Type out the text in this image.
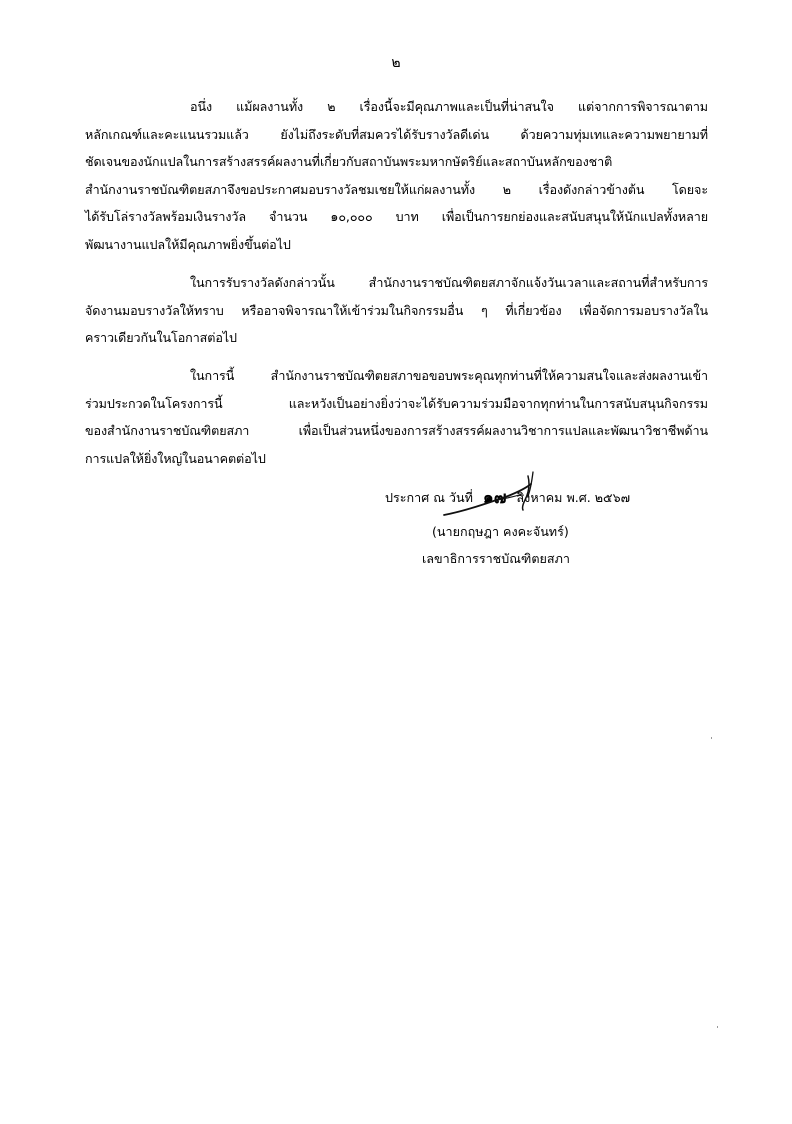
๒
อนึ่ง แม้ผลงานทั้ง ๒ เรื่องนี้จะมีคุณภาพและเป็นที่น่าสนใจ แต่จากการพิจารณาตาม
หลักเกณฑ์และคะแนนรวมแล้ว ยังไม่ถึงระดับที่สมควรได้รับรางวัลดีเด่น ด้วยความทุ่มเทและความพยายามที่
ชัดเจนของนักแปลในการสร้างสรรค์ผลงานที่เกี่ยวกับสถาบันพระมหากษัตริย์และสถาบันหลักของชาติ
สำนักงานราชบัณฑิตยสภาจึงขอประกาศมอบรางวัลชมเชยให้แก่ผลงานทั้ง ๒ เรื่องดังกล่าวข้างต้น โดยจะ
ได้รับโล่รางวัลพร้อมเงินรางวัล จำนวน ๑๐,๐๐๐ บาท เพื่อเป็นการยกย่องและสนับสนุนให้นักแปลทั้งหลาย
พัฒนางานแปลให้มีคุณภาพยิ่งขึ้นต่อไป
ในการรับรางวัลดังกล่าวนั้น สำนักงานราชบัณฑิตยสภาจักแจ้งวันเวลาและสถานที่สำหรับการ
จัดงานมอบรางวัลให้ทราบ หรืออาจพิจารณาให้เข้าร่วมในกิจกรรมอื่น ๆ ที่เกี่ยวข้อง เพื่อจัดการมอบรางวัลใน
คราวเดียวกันในโอกาสต่อไป
ในการนี้ สำนักงานราชบัณฑิตยสภาขอขอบพระคุณทุกท่านที่ให้ความสนใจและส่งผลงานเข้า
ร่วมประกวดในโครงการนี้ และหวังเป็นอย่างยิ่งว่าจะได้รับความร่วมมือจากทุกท่านในการสนับสนุนกิจกรรม
ของสำนักงานราชบัณฑิตยสภา เพื่อเป็นส่วนหนึ่งของการสร้างสรรค์ผลงานวิชาการแปลและพัฒนาวิชาชีพด้าน
การแปลให้ยิ่งใหญ่ในอนาคตต่อไป
ประกาศ ณ วันที่ ๑๗ สิงหาคม พ.ศ. ๒๕๖๗
(นายกฤษฎา คงคะจันทร์)
เลขาธิการราชบัณฑิตยสภา
